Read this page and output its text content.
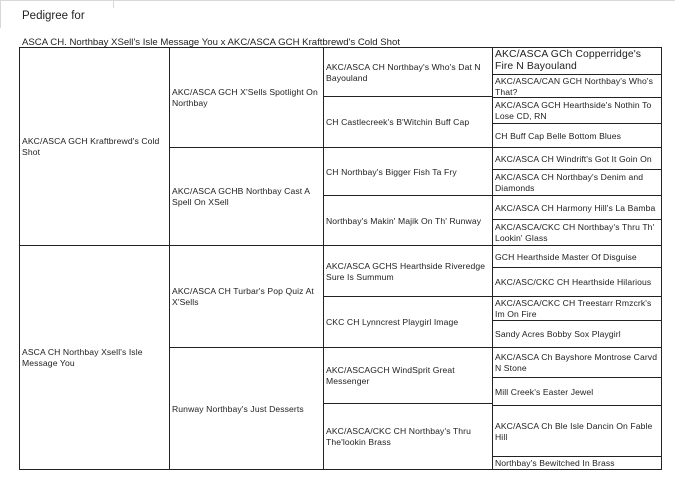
Pedigree for
ASCA CH. Northbay XSell's Isle Message You x AKC/ASCA GCH Kraftbrewd's Cold Shot
AKC/ASCA GCH Kraftbrewd's Cold Shot
ASCA CH Northbay Xsell's Isle Message You
AKC/ASCA GCH X'Sells Spotlight On Northbay
AKC/ASCA GCHB Northbay Cast A Spell On XSell
AKC/ASCA CH Turbar's Pop Quiz At X'Sells
Runway Northbay's Just Desserts
AKC/ASCA CH Northbay's Who's Dat N Bayouland
CH Castlecreek's B'Witchin Buff Cap
CH Northbay's Bigger Fish Ta Fry
Northbay's Makin' Majik On Th' Runway
AKC/ASCA GCHS Hearthside Riveredge Sure Is Summum
CKC CH Lynncrest Playgirl Image
AKC/ASCAGCH WindSprit Great Messenger
AKC/ASCA/CKC CH Northbay's Thru The'lookin Brass
AKC/ASCA GCh Copperridge's Fire N Bayouland
AKC/ASCA/CAN GCH Northbay's Who's That?
AKC/ASCA GCH Hearthside's Nothin To Lose CD, RN
CH Buff Cap Belle Bottom Blues
AKC/ASCA CH Windrift's Got It Goin On
AKC/ASCA CH Northbay's Denim and Diamonds
AKC/ASCA CH Harmony Hill's La Bamba
AKC/ASCA/CKC CH Northbay's Thru Th' Lookin' Glass
GCH Hearthside Master Of Disguise
AKC/ASC/CKC CH Hearthside Hilarious
AKC/ASCA/CKC CH Treestarr Rmzcrk's Im On Fire
Sandy Acres Bobby Sox Playgirl
AKC/ASCA Ch Bayshore Montrose Carvd N Stone
Mill Creek's Easter Jewel
AKC/ASCA Ch Ble Isle Dancin On Fable Hill
Northbay's Bewitched In Brass
